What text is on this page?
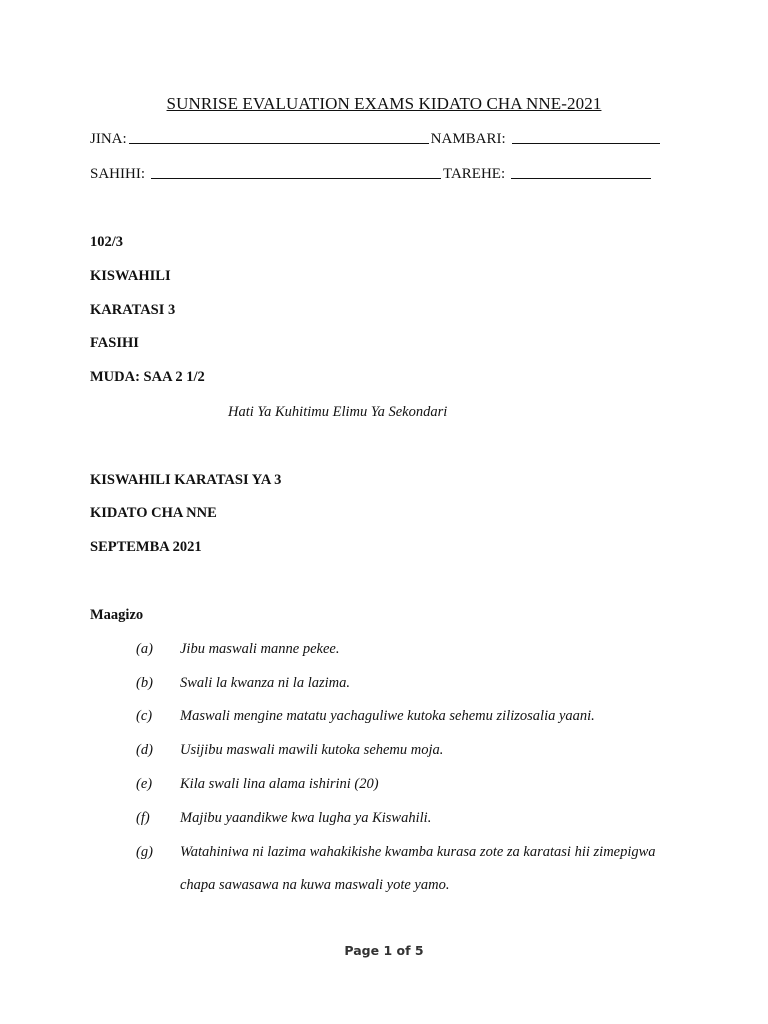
SUNRISE EVALUATION EXAMS KIDATO CHA NNE-2021
JINA:	NAMBARI:
SAHIHI:	TAREHE:
102/3
KISWAHILI
KARATASI 3
FASIHI
MUDA: SAA 2 1/2
Hati Ya Kuhitimu Elimu Ya Sekondari
KISWAHILI KARATASI YA 3
KIDATO CHA NNE
SEPTEMBA 2021
Maagizo
(a) Jibu maswali manne pekee.
(b) Swali la kwanza ni la lazima.
(c) Maswali mengine matatu yachaguliwe kutoka sehemu zilizosalia yaani.
(d) Usijibu maswali mawili kutoka sehemu moja.
(e) Kila swali lina alama ishirini (20)
(f) Majibu yaandikwe kwa lugha ya Kiswahili.
(g) Watahiniwa ni lazima wahakikishe kwamba kurasa zote za karatasi hii zimepigwa
chapa sawasawa na kuwa maswali yote yamo.
Page 1 of 5
